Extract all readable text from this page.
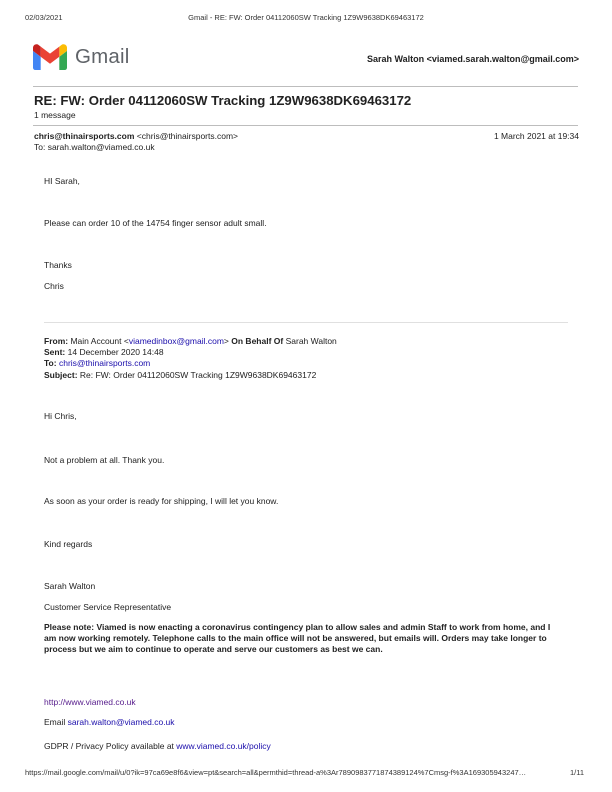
02/03/2021	Gmail - RE: FW: Order 04112060SW Tracking 1Z9W9638DK69463172
Gmail	Sarah Walton <viamed.sarah.walton@gmail.com>
RE: FW: Order 04112060SW Tracking 1Z9W9638DK69463172
1 message
chris@thinairsports.com <chris@thinairsports.com>	1 March 2021 at 19:34
To: sarah.walton@viamed.co.uk
HI Sarah,
Please can order 10 of the 14754 finger sensor adult small.
Thanks
Chris
From: Main Account <viamedinbox@gmail.com> On Behalf Of Sarah Walton
Sent: 14 December 2020 14:48
To: chris@thinairsports.com
Subject: Re: FW: Order 04112060SW Tracking 1Z9W9638DK69463172
Hi Chris,
Not a problem at all. Thank you.
As soon as your order is ready for shipping, I will let you know.
Kind regards
Sarah Walton
Customer Service Representative
Please note: Viamed is now enacting a coronavirus contingency plan to allow sales and admin Staff to work from home, and I am now working remotely. Telephone calls to the main office will not be answered, but emails will. Orders may take longer to process but we aim to continue to operate and serve our customers as best we can.
http://www.viamed.co.uk
Email sarah.walton@viamed.co.uk
GDPR / Privacy Policy available at www.viamed.co.uk/policy
https://mail.google.com/mail/u/0?ik=97ca69e8f6&view=pt&search=all&permthid=thread-a%3Ar7890983771874389124%7Cmsg-f%3A169305943247…	1/11
